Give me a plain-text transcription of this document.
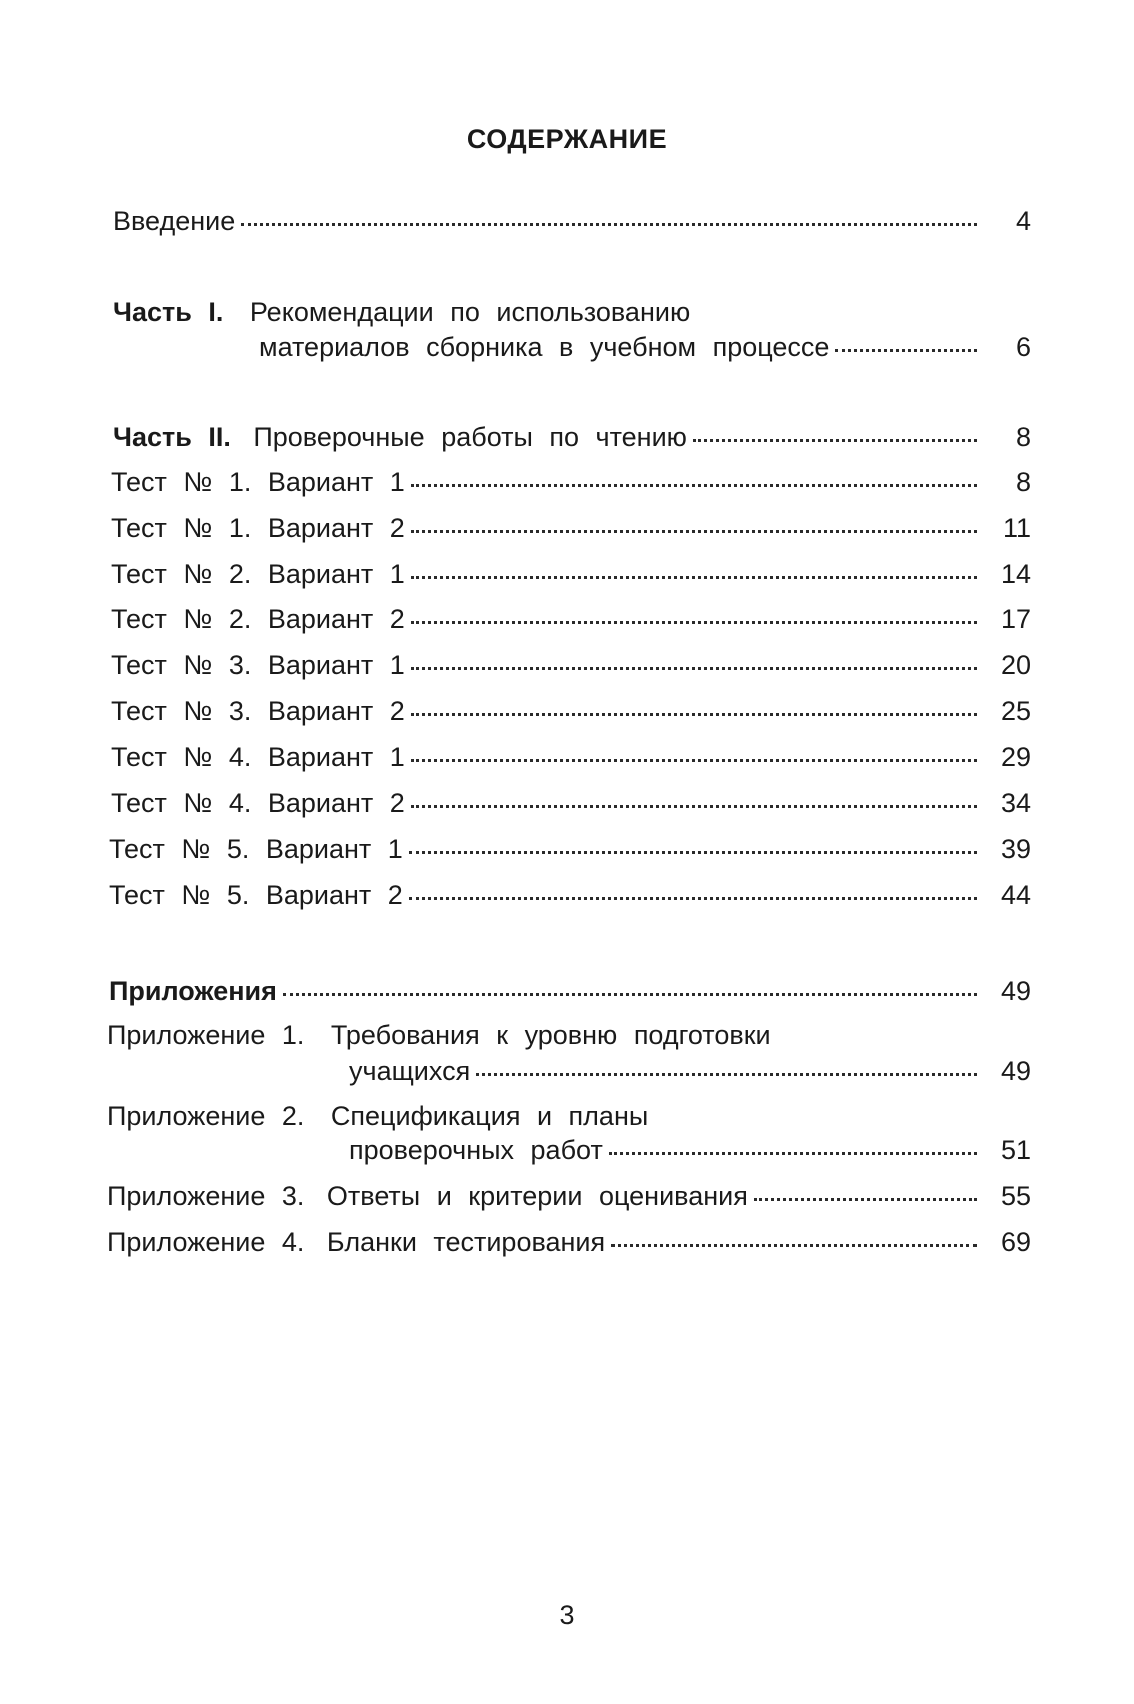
СОДЕРЖАНИЕ
Введение	4
Часть I. Рекомендации по использованию
материалов сборника в учебном процессе	6
Часть II. Проверочные работы по чтению	8
Тест № 1. Вариант 1	8
Тест № 1. Вариант 2	11
Тест № 2. Вариант 1	14
Тест № 2. Вариант 2	17
Тест № 3. Вариант 1	20
Тест № 3. Вариант 2	25
Тест № 4. Вариант 1	29
Тест № 4. Вариант 2	34
Тест № 5. Вариант 1	39
Тест № 5. Вариант 2	44
Приложения	49
Приложение 1. Требования к уровню подготовки
учащихся	49
Приложение 2. Спецификация и планы
проверочных работ	51
Приложение 3. Ответы и критерии оценивания	55
Приложение 4. Бланки тестирования	69
3
